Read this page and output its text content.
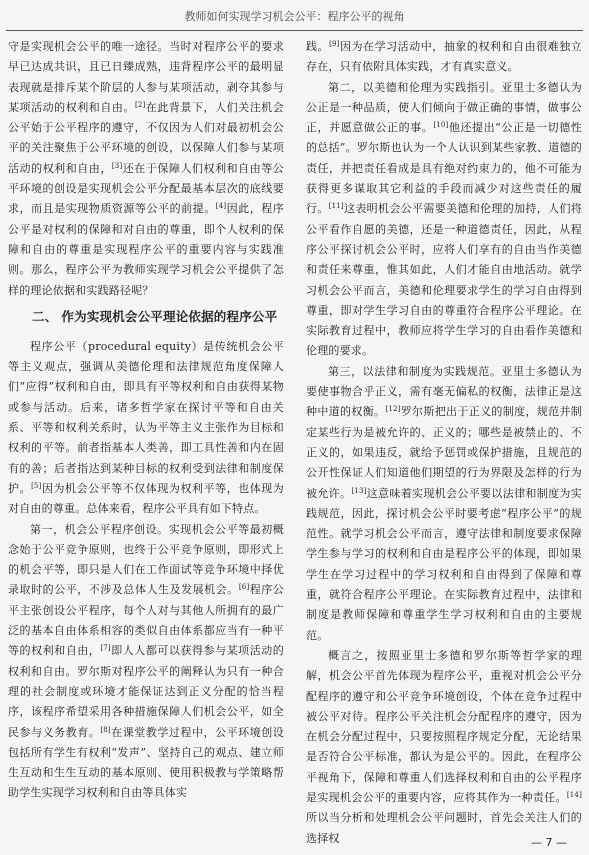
教师如何实现学习机会公平：程序公平的视角

守是实现机会公平的唯一途径。当时对程序公平的要求早已达成共识，且已日臻成熟，违背程序公平的最明显表现就是排斥某个阶层的人参与某项活动，剥夺其参与某项活动的权利和自由。[2]在此背景下，人们关注机会公平始于公平程序的遵守，不仅因为人们对最初机会公平的关注聚焦于公平环境的创设，以保障人们参与某项活动的权利和自由，[3]还在于保障人们权利和自由等公平环境的创设是实现机会公平分配最基本层次的底线要求，而且是实现物质资源等公平的前提。[4]因此，程序公平是对权利的保障和对自由的尊重，即个人权利的保障和自由的尊重是实现程序公平的重要内容与实践准则。那么，程序公平为教师实现学习机会公平提供了怎样的理论依据和实践路径呢？

二、 作为实现机会公平理论依据的程序公平

程序公平（procedural equity）是传统机会公平等主义观点，强调从美德伦理和法律规范角度保障人们“应得”权利和自由，即具有平等权利和自由获得某物或参与活动。后来，诸多哲学家在探讨平等和自由关系、平等和权利关系时，认为平等主义主张作为目标和权利的平等。前者指基本人类善，即工具性善和内在固有的善；后者指达到某种目标的权利受到法律和制度保护。[5]因为机会公平等不仅体现为权利平等，也体现为对自由的尊重。总体来看，程序公平具有如下特点。

第一，机会公平程序创设。实现机会公平等最初概念始于公平竞争原则，也终于公平竞争原则，即形式上的机会平等，即只是人们在工作面试等竞争环境中择优录取时的公平，不涉及总体人生及发展机会。[6]程序公平主张创设公平程序，每个人对与其他人所拥有的最广泛的基本自由体系相容的类似自由体系都应当有一种平等的权利和自由，[7]即人人都可以获得参与某项活动的权利和自由。罗尔斯对程序公平的阐释认为只有一种合理的社会制度或环境才能保证达到正义分配的恰当程序，该程序希望采用各种措施保障人们机会公平，如全民参与义务教育。[8]在课堂教学过程中，公平环境创设包括所有学生有权利“发声”、坚持自己的观点、建立师生互动和生生互动的基本原则、使用积极教与学策略帮助学生实现学习权利和自由等具体实

践。[9]因为在学习活动中，抽象的权利和自由很难独立存在，只有依附具体实践，才有真实意义。

第二，以美德和伦理为实践指引。亚里士多德认为公正是一种品质，使人们倾向于做正确的事情，做事公正，并愿意做公正的事。[10]他还提出“公正是一切德性的总括”。罗尔斯也认为一个人认识到某些家教、道德的责任，并把责任看成是具有绝对约束力的，他不可能为获得更多谋取其它利益的手段而减少对这些责任的履行。[11]这表明机会公平需要美德和伦理的加持，人们将公平看作自愿的美德，还是一种道德责任，因此，从程序公平探讨机会公平时，应将人们享有的自由当作美德和责任来尊重，惟其如此，人们才能自由地活动。就学习机会公平而言，美德和伦理要求学生的学习自由得到尊重，即对学生学习自由的尊重符合程序公平理论。在实际教育过程中，教师应将学生学习的自由看作美德和伦理的要求。

第三，以法律和制度为实践规范。亚里士多德认为要使事物合乎正义，需有毫无偏私的权衡，法律正是这种中道的权衡。[12]罗尔斯把出于正义的制度，规范并制定某些行为是被允许的、正义的；哪些是被禁止的、不正义的，如果违反，就给予惩罚或保护措施，且规范的公开性保证人们知道他们期望的行为界限及怎样的行为被允许。[13]这意味着实现机会公平要以法律和制度为实践规范，因此，探讨机会公平时要考虑“程序公平”的规范性。就学习机会公平而言，遵守法律和制度要求保障学生参与学习的权利和自由是程序公平的体现，即如果学生在学习过程中的学习权利和自由得到了保障和尊重，就符合程序公平理论。在实际教育过程中，法律和制度是教师保障和尊重学生学习权利和自由的主要规范。

概言之，按照亚里士多德和罗尔斯等哲学家的理解，机会公平首先体现为程序公平，重视对机会公平分配程序的遵守和公平竞争环境创设，个体在竞争过程中被公平对待。程序公平关注机会分配程序的遵守，因为在机会分配过程中，只要按照程序规定分配，无论结果是否符合公平标准，都认为是公平的。因此，在程序公平视角下，保障和尊重人们选择权利和自由的公平程序是实现机会公平的重要内容，应将其作为一种责任。[14]所以当分析和处理机会公平问题时，首先会关注人们的选择权	— 7 —
